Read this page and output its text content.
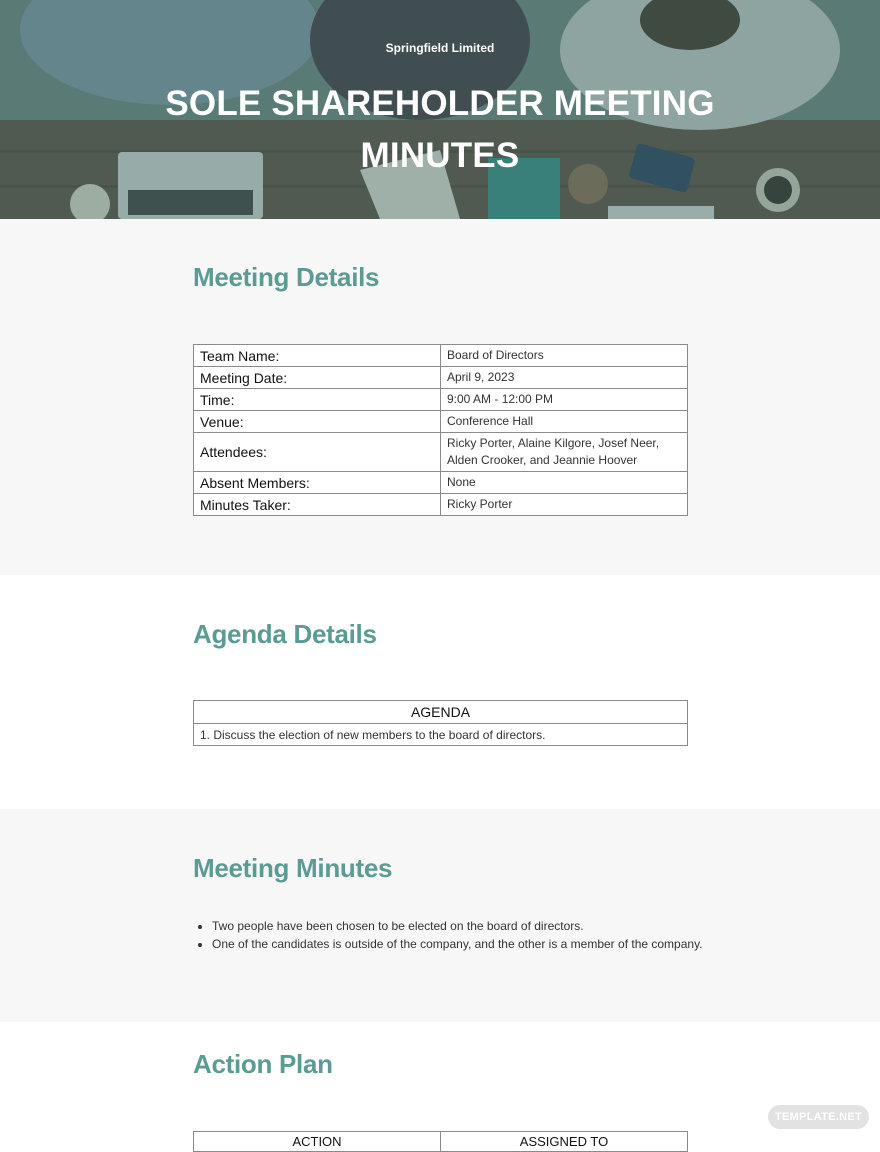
Springfield Limited
SOLE SHAREHOLDER MEETING MINUTES
Meeting Details
Team Name:	Board of Directors
Meeting Date:	April 9, 2023
Time:	9:00 AM - 12:00 PM
Venue:	Conference Hall
Attendees:	Ricky Porter, Alaine Kilgore, Josef Neer, Alden Crooker, and Jeannie Hoover
Absent Members:	None
Minutes Taker:	Ricky Porter
Agenda Details
AGENDA
1. Discuss the election of new members to the board of directors.
Meeting Minutes
• Two people have been chosen to be elected on the board of directors.
• One of the candidates is outside of the company, and the other is a member of the company.
Action Plan
ACTION	ASSIGNED TO
TEMPLATE.NET
